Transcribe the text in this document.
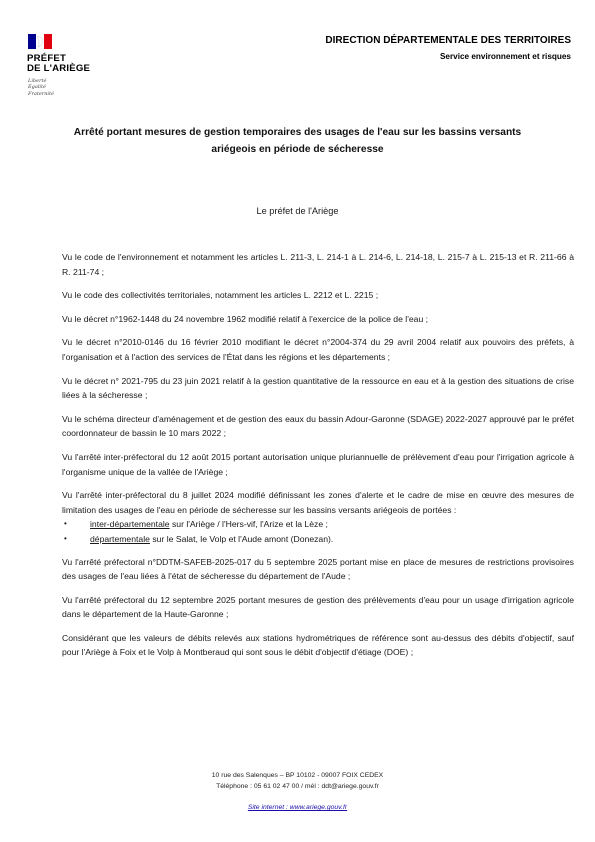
PRÉFET
DE L'ARIÈGE
Liberté
Égalité
Fraternité
DIRECTION DÉPARTEMENTALE DES TERRITOIRES
Service environnement et risques
Arrêté portant mesures de gestion temporaires des usages de l'eau sur les bassins versants
ariégeois en période de sécheresse
Le préfet de l'Ariège

Vu le code de l'environnement et notamment les articles L. 211-3, L. 214-1 à L. 214-6, L. 214-18, L. 215-7 à L. 215-13 et R. 211-66 à R. 211-74 ;

Vu le code des collectivités territoriales, notamment les articles L. 2212 et L. 2215 ;

Vu le décret n°1962-1448 du 24 novembre 1962 modifié relatif à l'exercice de la police de l'eau ;

Vu le décret n°2010-0146 du 16 février 2010 modifiant le décret n°2004-374 du 29 avril 2004 relatif aux pouvoirs des préfets, à l'organisation et à l'action des services de l'État dans les régions et les départements ;

Vu le décret n° 2021-795 du 23 juin 2021 relatif à la gestion quantitative de la ressource en eau et à la gestion des situations de crise liées à la sécheresse ;

Vu le schéma directeur d'aménagement et de gestion des eaux du bassin Adour-Garonne (SDAGE) 2022-2027 approuvé par le préfet coordonnateur de bassin le 10 mars 2022 ;

Vu l'arrêté inter-préfectoral du 12 août 2015 portant autorisation unique pluriannuelle de prélèvement d'eau pour l'irrigation agricole à l'organisme unique de la vallée de l'Ariège ;

Vu l'arrêté inter-préfectoral du 8 juillet 2024 modifié définissant les zones d'alerte et le cadre de mise en œuvre des mesures de limitation des usages de l'eau en période de sécheresse sur les bassins versants ariégeois de portées :

•	inter-départementale sur l'Ariège / l'Hers-vif, l'Arize et la Lèze ;
•	départementale sur le Salat, le Volp et l'Aude amont (Donezan).

Vu l'arrêté préfectoral n°DDTM-SAFEB-2025-017 du 5 septembre 2025 portant mise en place de mesures de restrictions provisoires des usages de l'eau liées à l'état de sécheresse du département de l'Aude ;

Vu l'arrêté préfectoral du 12 septembre 2025 portant mesures de gestion des prélèvements d'eau pour un usage d'irrigation agricole dans le département de la Haute-Garonne ;

Considérant que les valeurs de débits relevés aux stations hydrométriques de référence sont au-dessus des débits d'objectif, sauf pour l'Ariège à Foix et le Volp à Montberaud qui sont sous le débit d'objectif d'étiage (DOE) ;

10 rue des Salenques – BP 10102 - 09007 FOIX CEDEX
Téléphone : 05 61 02 47 00 / mél : ddt@ariege.gouv.fr
Site internet : www.ariege.gouv.fr
